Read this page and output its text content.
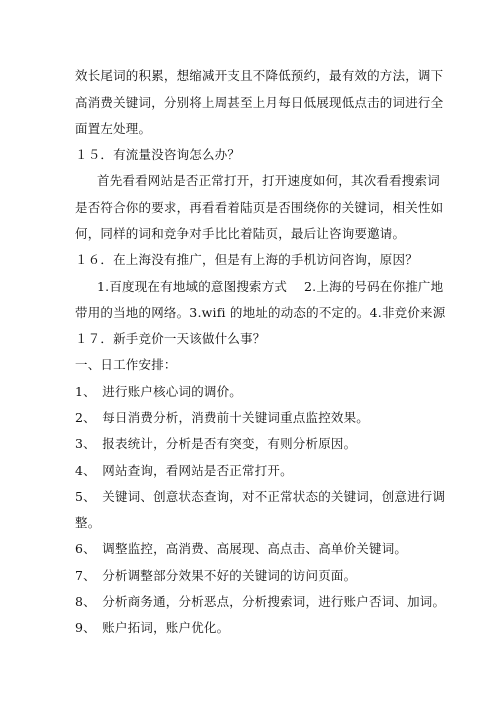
效长尾词的积累，想缩减开支且不降低预约，最有效的方法，调下
高消费关键词，分别将上周甚至上月每日低展现低点击的词进行全
面置左处理。
１５．有流量没咨询怎么办？
首先看看网站是否正常打开，打开速度如何，其次看看搜索词
是否符合你的要求，再看看着陆页是否围绕你的关键词，相关性如
何，同样的词和竞争对手比比着陆页，最后让咨询要邀请。
１６．在上海没有推广，但是有上海的手机访问咨询，原因？
1.百度现在有地域的意图搜索方式　 2.上海的号码在你推广地
带用的当地的网络。3.wifi 的地址的动态的不定的。4.非竞价来源
１７．新手竞价一天该做什么事？
一、日工作安排：
1、　进行账户核心词的调价。
2、　每日消费分析，消费前十关键词重点监控效果。
3、　报表统计，分析是否有突变，有则分析原因。
4、　网站查询，看网站是否正常打开。
5、　关键词、创意状态查询，对不正常状态的关键词，创意进行调
整。
6、　调整监控，高消费、高展现、高点击、高单价关键词。
7、　分析调整部分效果不好的关键词的访问页面。
8、　分析商务通，分析恶点，分析搜索词，进行账户否词、加词。
9、　账户拓词，账户优化。
